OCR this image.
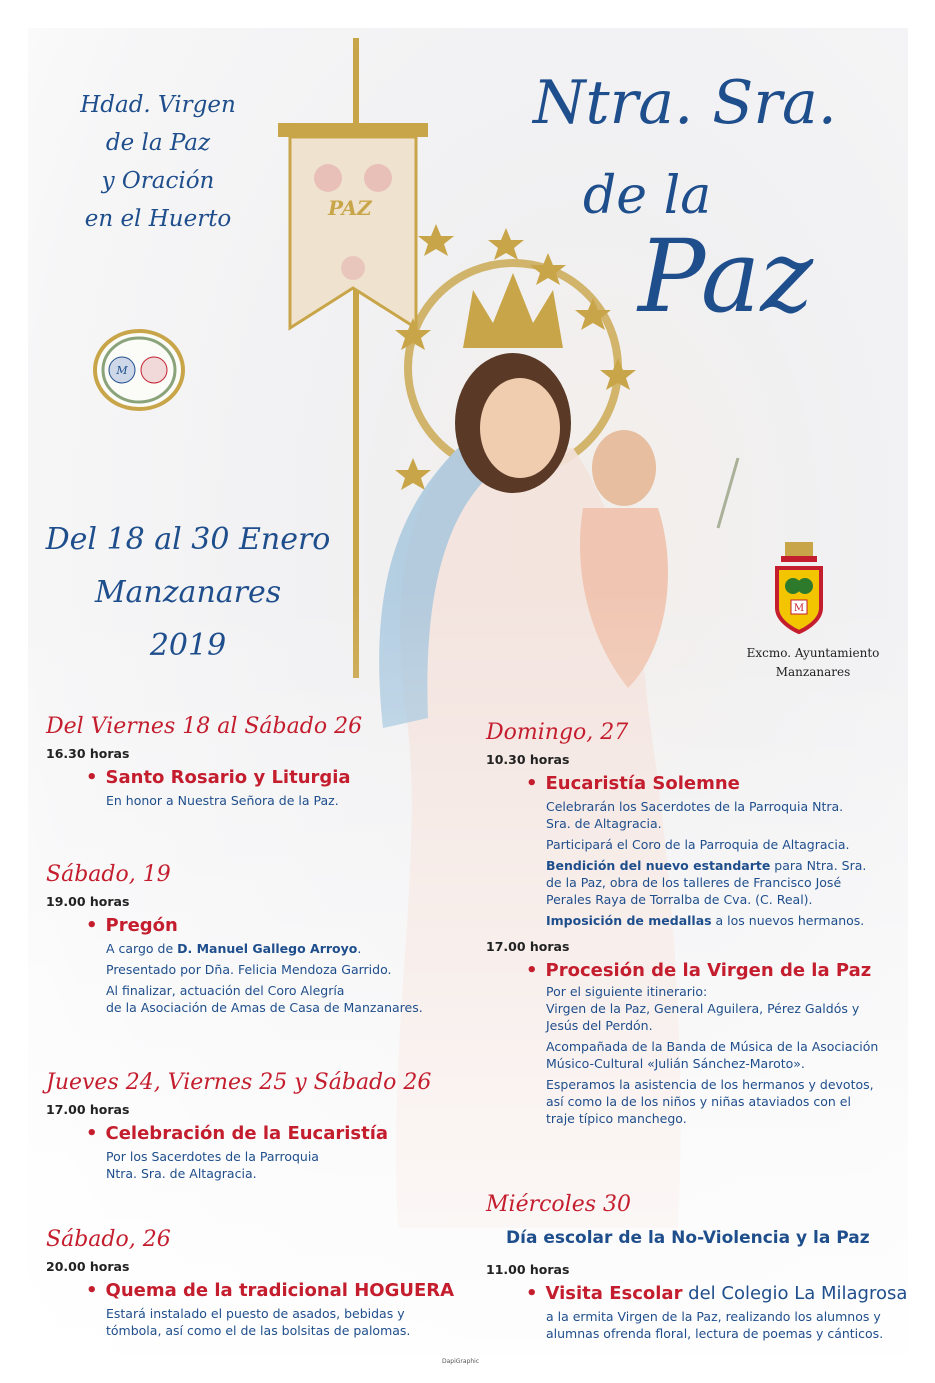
Hdad. Virgen
de la Paz
y Oración
en el Huerto
M
Ntra. Sra.
de la
Paz
PAZ
Del 18 al 30 Enero
Manzanares
2019
M
Excmo. Ayuntamiento
Manzanares
Del Viernes 18 al Sábado 26
16.30 horas
• Santo Rosario y Liturgia
En honor a Nuestra Señora de la Paz.
Sábado, 19
19.00 horas
• Pregón
A cargo de D. Manuel Gallego Arroyo.
Presentado por Dña. Felicia Mendoza Garrido.
Al finalizar, actuación del Coro Alegría
de la Asociación de Amas de Casa de Manzanares.
Jueves 24, Viernes 25 y Sábado 26
17.00 horas
• Celebración de la Eucaristía
Por los Sacerdotes de la Parroquia
Ntra. Sra. de Altagracia.
Sábado, 26
20.00 horas
• Quema de la tradicional HOGUERA
Estará instalado el puesto de asados, bebidas y
tómbola, así como el de las bolsitas de palomas.
Domingo, 27
10.30 horas
• Eucaristía Solemne
Celebrarán los Sacerdotes de la Parroquia Ntra.
Sra. de Altagracia.
Participará el Coro de la Parroquia de Altagracia.
Bendición del nuevo estandarte para Ntra. Sra.
de la Paz, obra de los talleres de Francisco José
Perales Raya de Torralba de Cva. (C. Real).
Imposición de medallas a los nuevos hermanos.
17.00 horas
• Procesión de la Virgen de la Paz
Por el siguiente itinerario:
Virgen de la Paz, General Aguilera, Pérez Galdós y
Jesús del Perdón.
Acompañada de la Banda de Música de la Asociación
Músico-Cultural «Julián Sánchez-Maroto».
Esperamos la asistencia de los hermanos y devotos,
así como la de los niños y niñas ataviados con el
traje típico manchego.
Miércoles 30
Día escolar de la No-Violencia y la Paz
11.00 horas
• Visita Escolar del Colegio La Milagrosa
a la ermita Virgen de la Paz, realizando los alumnos y
alumnas ofrenda floral, lectura de poemas y cánticos.
DapiGraphic
